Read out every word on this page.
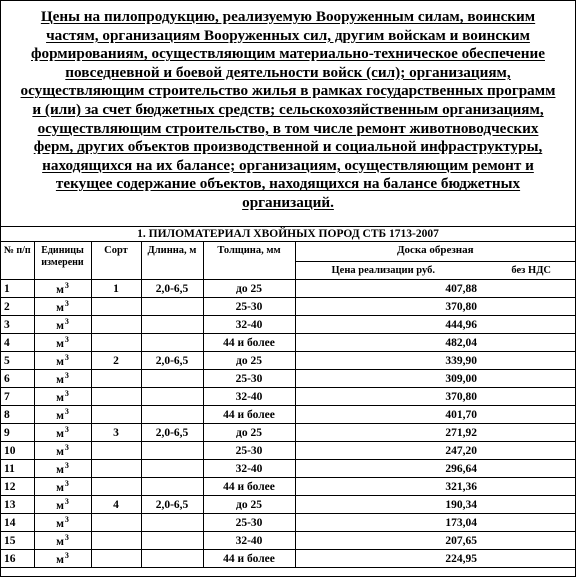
Цены на пилопродукцию, реализуемую Вооруженным силам, воинским
частям, организациям Вооруженных сил, другим войскам и воинским
формированиям, осуществляющим материально-техническое обеспечение
повседневной и боевой деятельности войск (сил); организациям,
осуществляющим строительство жилья в рамках государственных программ
и (или) за счет бюджетных средств; сельскохозяйственным организациям,
осуществляющим строительство, в том числе ремонт животноводческих
ферм, других объектов производственной и социальной инфраструктуры,
находящихся на их балансе; организациям, осуществляющим ремонт и
текущее содержание объектов, находящихся на балансе бюджетных
организаций.
1. ПИЛОМАТЕРИАЛ ХВОЙНЫХ ПОРОД СТБ 1713-2007					
№ п/п	Единицы измерени	Сорт	Длинна, м	Толщина, мм	Доска обрезная

					Цена реализации руб. без НДС

1	$м^3$	1	2,0-6,5	до 25	407,88
2	$м^3$			25-30	370,80
3	$м^3$			32-40	444,96
4	$м^3$			44 и более	482,04
5	$м^3$	2	2,0-6,5	до 25	339,90
6	$м^3$			25-30	309,00
7	$м^3$			32-40	370,80
8	$м^3$			44 и более	401,70
9	$м^3$	3	2,0-6,5	до 25	271,92
10	$м^3$			25-30	247,20
11	$м^3$			32-40	296,64
12	$м^3$			44 и более	321,36
13	$м^3$	4	2,0-6,5	до 25	190,34
14	$м^3$			25-30	173,04
15	$м^3$			32-40	207,65
16	$м^3$			44 и более	224,95
